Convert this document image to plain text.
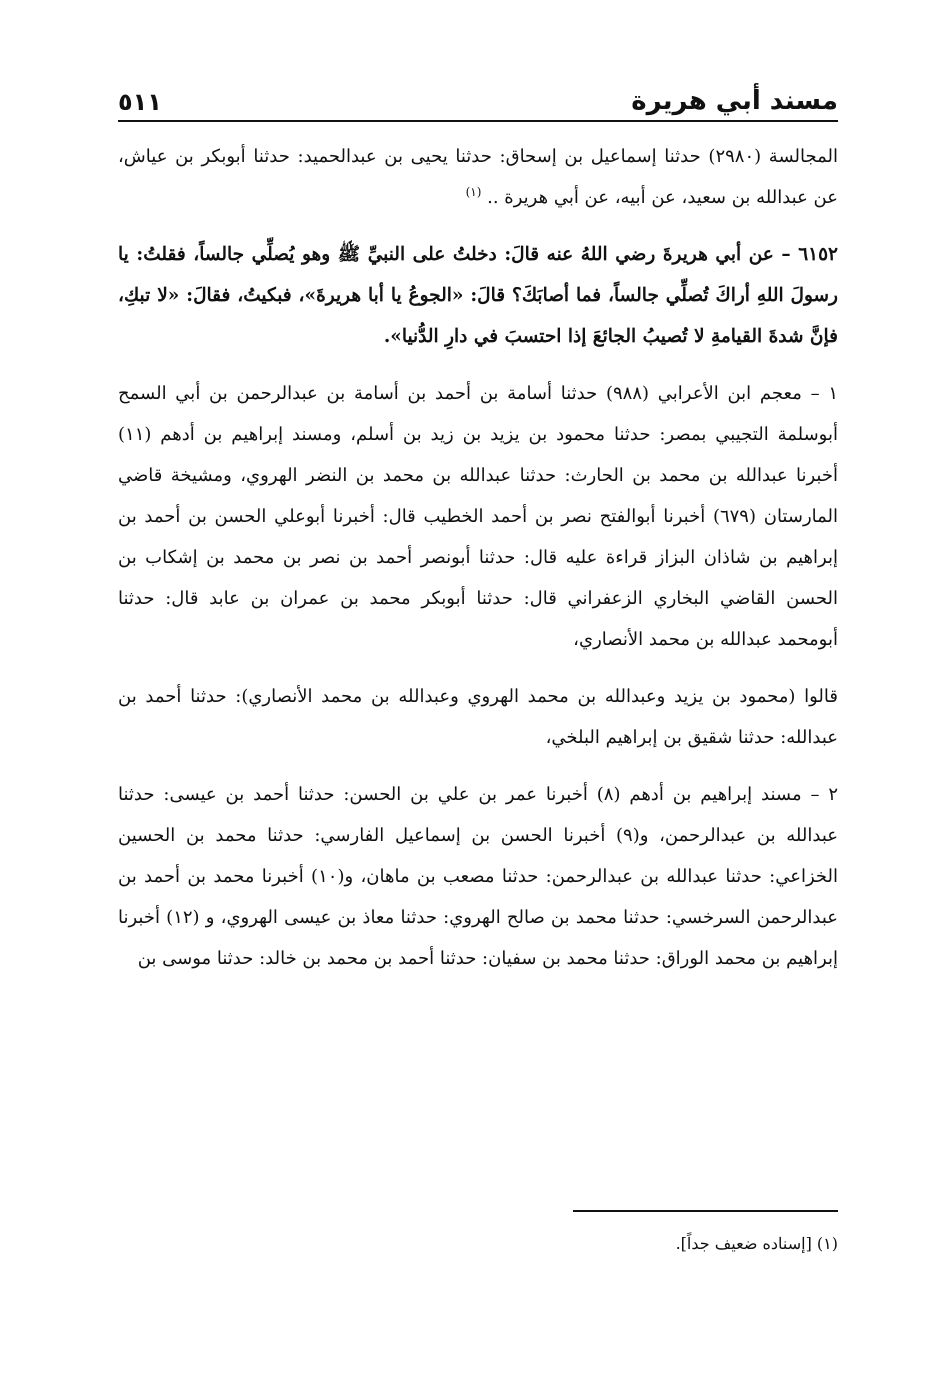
مسند أبي هريرة
٥١١

المجالسة (٢٩٨٠) حدثنا إسماعيل بن إسحاق: حدثنا يحيى بن عبدالحميد: حدثنا أبوبكر بن عياش، عن عبدالله بن سعيد، عن أبيه، عن أبي هريرة .. $^{(١)}$

٦١٥٢ – عن أبي هريرةَ رضي اللهُ عنه قالَ: دخلتُ على النبيِّ ﷺ وهو يُصلِّي جالساً، فقلتُ: يا رسولَ اللهِ أراكَ تُصلِّي جالساً، فما أصابَكَ؟ قالَ: «الجوعُ يا أبا هريرةَ»، فبكيتُ، فقالَ: «لا تبكِ، فإنَّ شدةَ القيامةِ لا تُصيبُ الجائعَ إذا احتسبَ في دارِ الدُّنيا».

١ – معجم ابن الأعرابي (٩٨٨) حدثنا أسامة بن أحمد بن أسامة بن عبدالرحمن بن أبي السمح أبوسلمة التجيبي بمصر: حدثنا محمود بن يزيد بن زيد بن أسلم، ومسند إبراهيم بن أدهم (١١) أخبرنا عبدالله بن محمد بن الحارث: حدثنا عبدالله بن محمد بن النضر الهروي، ومشيخة قاضي المارستان (٦٧٩) أخبرنا أبوالفتح نصر بن أحمد الخطيب قال: أخبرنا أبوعلي الحسن بن أحمد بن إبراهيم بن شاذان البزاز قراءة عليه قال: حدثنا أبونصر أحمد بن نصر بن محمد بن إشكاب بن الحسن القاضي البخاري الزعفراني قال: حدثنا أبوبكر محمد بن عمران بن عابد قال: حدثنا أبومحمد عبدالله بن محمد الأنصاري،

قالوا (محمود بن يزيد وعبدالله بن محمد الهروي وعبدالله بن محمد الأنصاري): حدثنا أحمد بن عبدالله: حدثنا شقيق بن إبراهيم البلخي،

٢ – مسند إبراهيم بن أدهم (٨) أخبرنا عمر بن علي بن الحسن: حدثنا أحمد بن عيسى: حدثنا عبدالله بن عبدالرحمن، و(٩) أخبرنا الحسن بن إسماعيل الفارسي: حدثنا محمد بن الحسين الخزاعي: حدثنا عبدالله بن عبدالرحمن: حدثنا مصعب بن ماهان، و(١٠) أخبرنا محمد بن أحمد بن عبدالرحمن السرخسي: حدثنا محمد بن صالح الهروي: حدثنا معاذ بن عيسى الهروي، و (١٢) أخبرنا إبراهيم بن محمد الوراق: حدثنا محمد بن سفيان: حدثنا أحمد بن محمد بن خالد: حدثنا موسى بن

(١) [إسناده ضعيف جداً].
